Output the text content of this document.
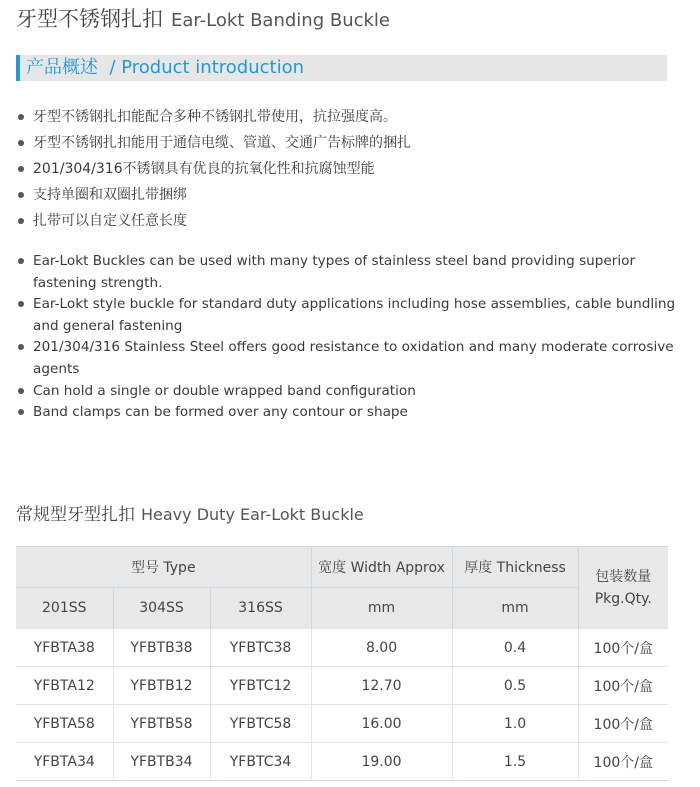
牙型不锈钢扎扣 Ear-Lokt Banding Buckle
产品概述  / Product introduction
牙型不锈钢扎扣能配合多种不锈钢扎带使用，抗拉强度高。
牙型不锈钢扎扣能用于通信电缆、管道、交通广告标牌的捆扎
201/304/316不锈钢具有优良的抗氧化性和抗腐蚀型能
支持单圈和双圈扎带捆绑
扎带可以自定义任意长度
Ear-Lokt Buckles can be used with many types of stainless steel band providing superior fastening strength.
Ear-Lokt style buckle for standard duty applications including hose assemblies, cable bundling and general fastening
201/304/316 Stainless Steel offers good resistance to oxidation and many moderate corrosive agents
Can hold a single or double wrapped band configuration
Band clamps can be formed over any contour or shape
常规型牙型扎扣 Heavy Duty Ear-Lokt Buckle
型号 Type			宽度 Width Approx	厚度 Thickness	包装数量
Pkg.Qty.

201SS	304SS	316SS	mm	mm	
YFBTA38	YFBTB38	YFBTC38	8.00	0.4	100个/盒
YFBTA12	YFBTB12	YFBTC12	12.70	0.5	100个/盒
YFBTA58	YFBTB58	YFBTC58	16.00	1.0	100个/盒
YFBTA34	YFBTB34	YFBTC34	19.00	1.5	100个/盒
